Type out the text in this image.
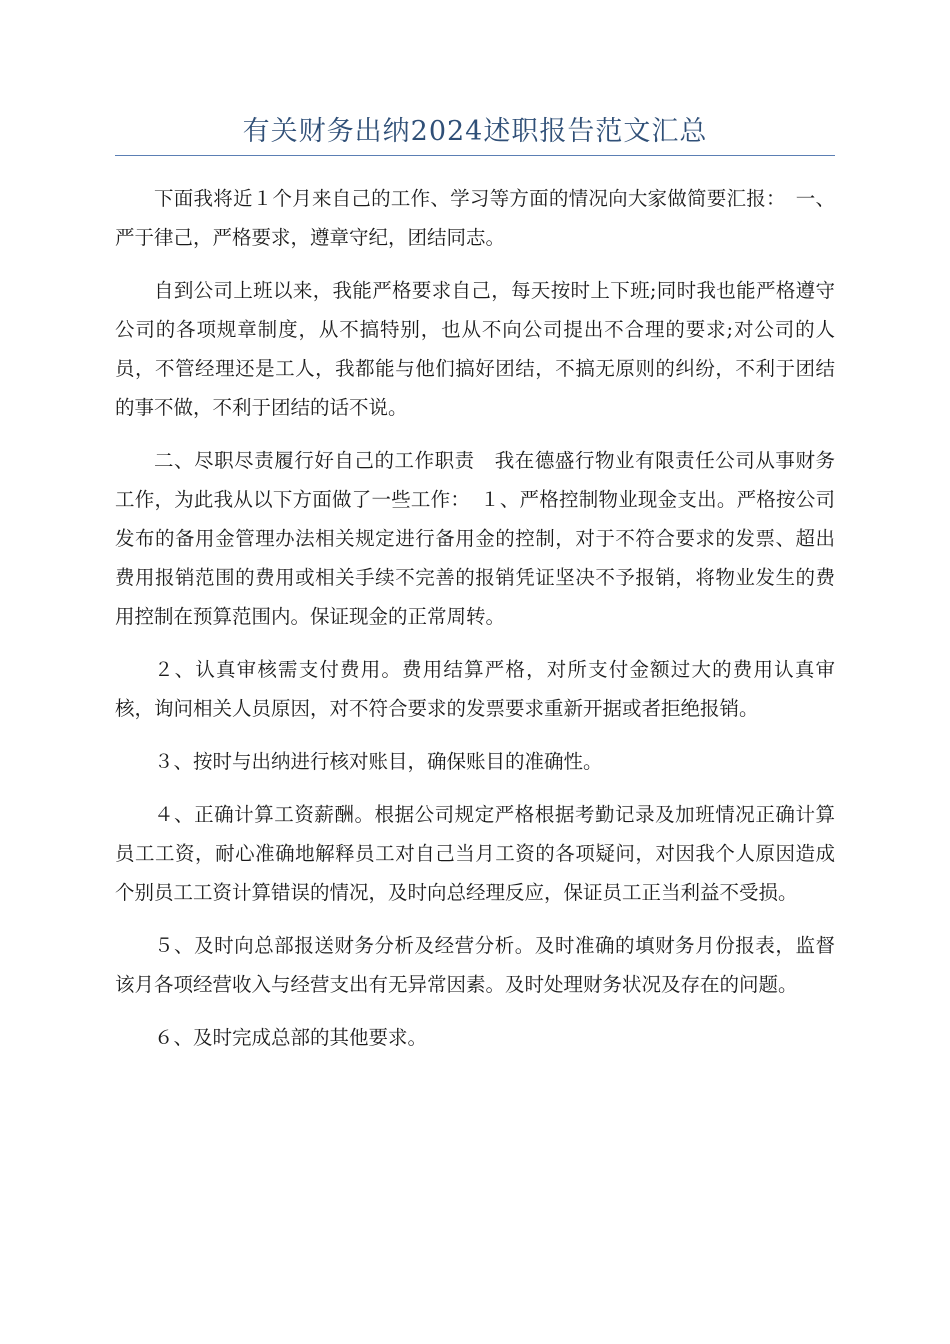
有关财务出纳2024述职报告范文汇总

下面我将近１个月来自己的工作、学习等方面的情况向大家做简要汇报：　一、严于律己，严格要求，遵章守纪，团结同志。

自到公司上班以来，我能严格要求自己，每天按时上下班;同时我也能严格遵守公司的各项规章制度，从不搞特别，也从不向公司提出不合理的要求;对公司的人员，不管经理还是工人，我都能与他们搞好团结，不搞无原则的纠纷，不利于团结的事不做，不利于团结的话不说。

二、尽职尽责履行好自己的工作职责　我在德盛行物业有限责任公司从事财务工作，为此我从以下方面做了一些工作：　１、严格控制物业现金支出。严格按公司发布的备用金管理办法相关规定进行备用金的控制，对于不符合要求的发票、超出费用报销范围的费用或相关手续不完善的报销凭证坚决不予报销，将物业发生的费用控制在预算范围内。保证现金的正常周转。

２、认真审核需支付费用。费用结算严格，对所支付金额过大的费用认真审核，询问相关人员原因，对不符合要求的发票要求重新开据或者拒绝报销。

３、按时与出纳进行核对账目，确保账目的准确性。

４、正确计算工资薪酬。根据公司规定严格根据考勤记录及加班情况正确计算员工工资，耐心准确地解释员工对自己当月工资的各项疑问，对因我个人原因造成个别员工工资计算错误的情况，及时向总经理反应，保证员工正当利益不受损。

５、及时向总部报送财务分析及经营分析。及时准确的填财务月份报表，监督该月各项经营收入与经营支出有无异常因素。及时处理财务状况及存在的问题。

６、及时完成总部的其他要求。
